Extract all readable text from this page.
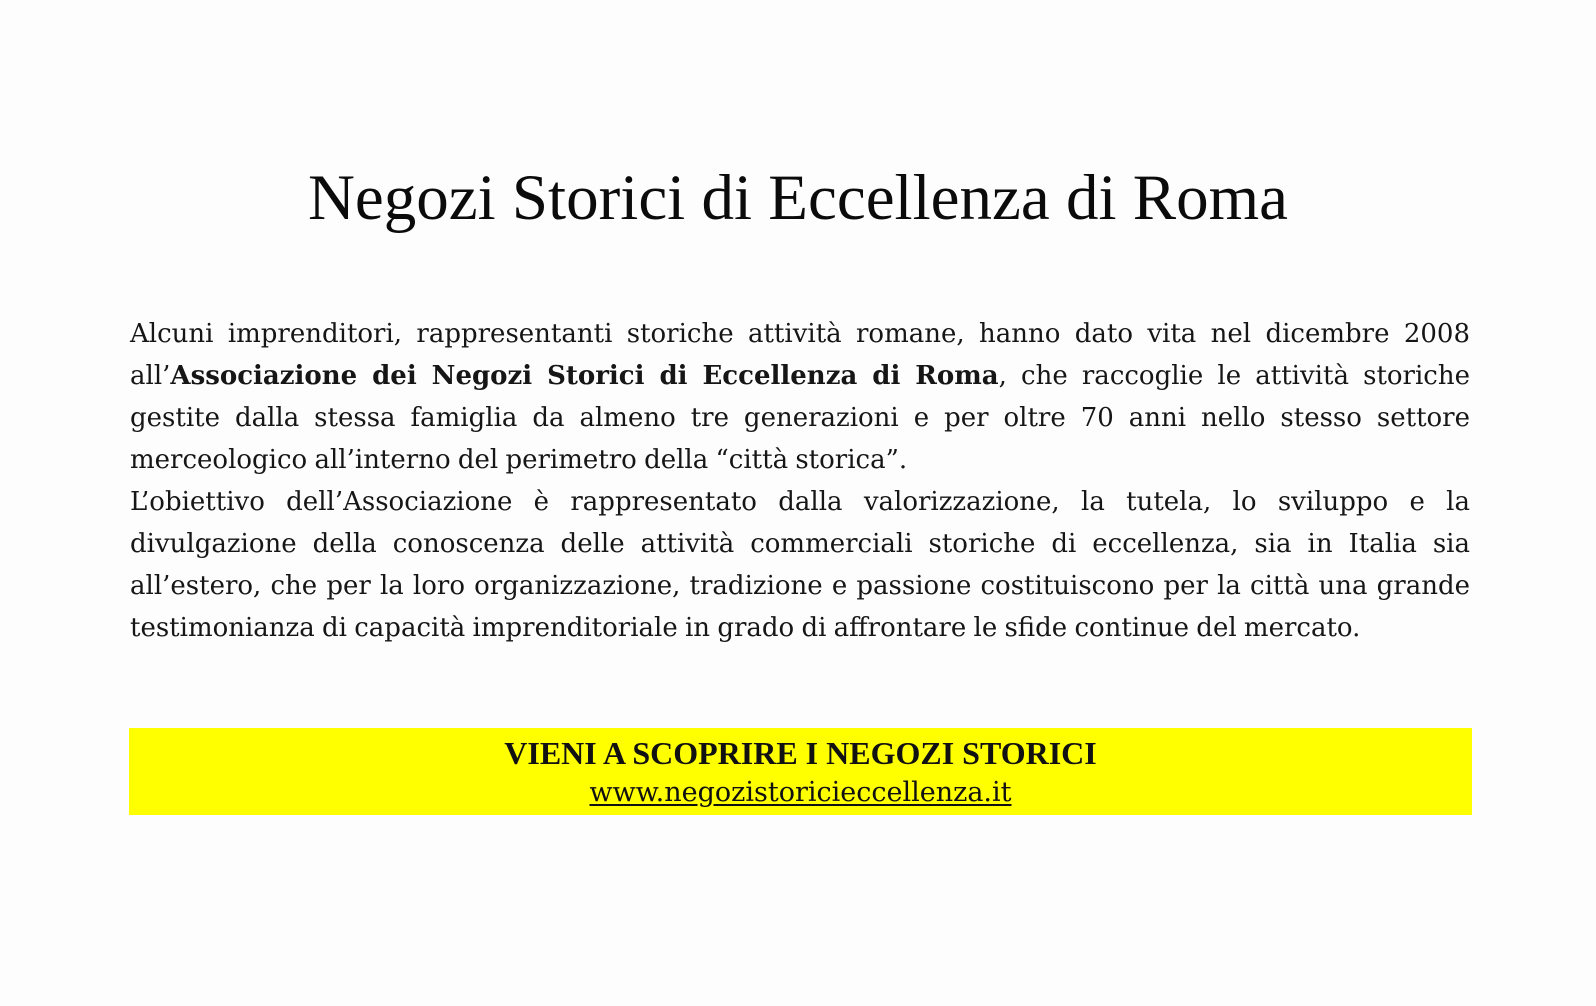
Negozi Storici di Eccellenza di Roma

Alcuni imprenditori, rappresentanti storiche attività romane, hanno dato vita nel dicembre 2008 all’Associazione dei Negozi Storici di Eccellenza di Roma, che raccoglie le attività storiche gestite dalla stessa famiglia da almeno tre generazioni e per oltre 70 anni nello stesso settore merceologico all’interno del perimetro della “città storica”.

L’obiettivo dell’Associazione è rappresentato dalla valorizzazione, la tutela, lo sviluppo e la divulgazione della conoscenza delle attività commerciali storiche di eccellenza, sia in Italia sia all’estero, che per la loro organizzazione, tradizione e passione costituiscono per la città una grande testimonianza di capacità imprenditoriale in grado di affrontare le sfide continue del mercato.

VIENI A SCOPRIRE I NEGOZI STORICI
www.negozistoricieccellenza.it
